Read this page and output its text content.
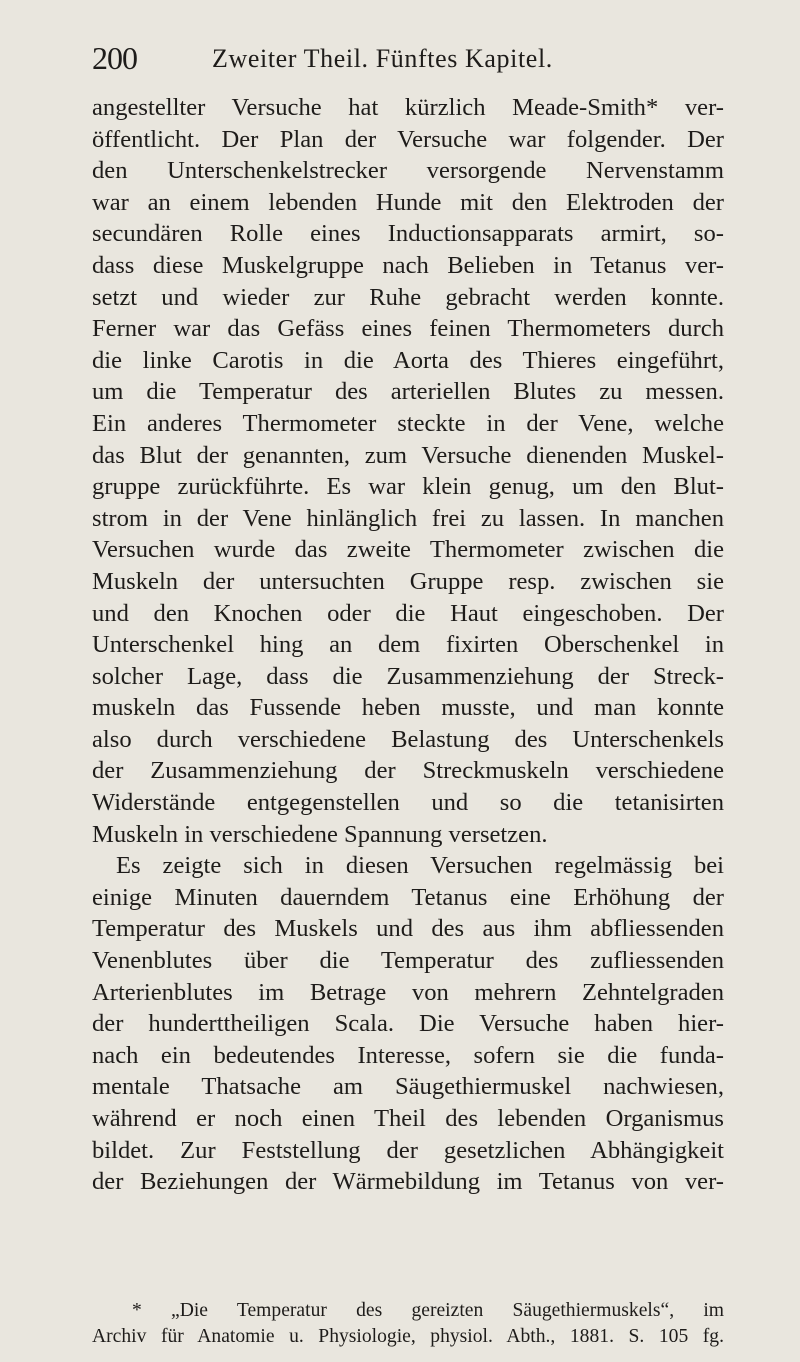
200	Zweiter Theil. Fünftes Kapitel.
angestellter Versuche hat kürzlich Meade-Smith* ver-
öffentlicht. Der Plan der Versuche war folgender. Der
den Unterschenkelstrecker versorgende Nervenstamm
war an einem lebenden Hunde mit den Elektroden der
secundären Rolle eines Inductionsapparats armirt, so-
dass diese Muskelgruppe nach Belieben in Tetanus ver-
setzt und wieder zur Ruhe gebracht werden konnte.
Ferner war das Gefäss eines feinen Thermometers durch
die linke Carotis in die Aorta des Thieres eingeführt,
um die Temperatur des arteriellen Blutes zu messen.
Ein anderes Thermometer steckte in der Vene, welche
das Blut der genannten, zum Versuche dienenden Muskel-
gruppe zurückführte. Es war klein genug, um den Blut-
strom in der Vene hinlänglich frei zu lassen. In manchen
Versuchen wurde das zweite Thermometer zwischen die
Muskeln der untersuchten Gruppe resp. zwischen sie
und den Knochen oder die Haut eingeschoben. Der
Unterschenkel hing an dem fixirten Oberschenkel in
solcher Lage, dass die Zusammenziehung der Streck-
muskeln das Fussende heben musste, und man konnte
also durch verschiedene Belastung des Unterschenkels
der Zusammenziehung der Streckmuskeln verschiedene
Widerstände entgegenstellen und so die tetanisirten
Muskeln in verschiedene Spannung versetzen.
Es zeigte sich in diesen Versuchen regelmässig bei
einige Minuten dauerndem Tetanus eine Erhöhung der
Temperatur des Muskels und des aus ihm abfliessenden
Venenblutes über die Temperatur des zufliessenden
Arterienblutes im Betrage von mehrern Zehntelgraden
der hunderttheiligen Scala. Die Versuche haben hier-
nach ein bedeutendes Interesse, sofern sie die funda-
mentale Thatsache am Säugethiermuskel nachwiesen,
während er noch einen Theil des lebenden Organismus
bildet. Zur Feststellung der gesetzlichen Abhängigkeit
der Beziehungen der Wärmebildung im Tetanus von ver-
* „Die Temperatur des gereizten Säugethiermuskels“, im
Archiv für Anatomie u. Physiologie, physiol. Abth., 1881. S. 105 fg.
